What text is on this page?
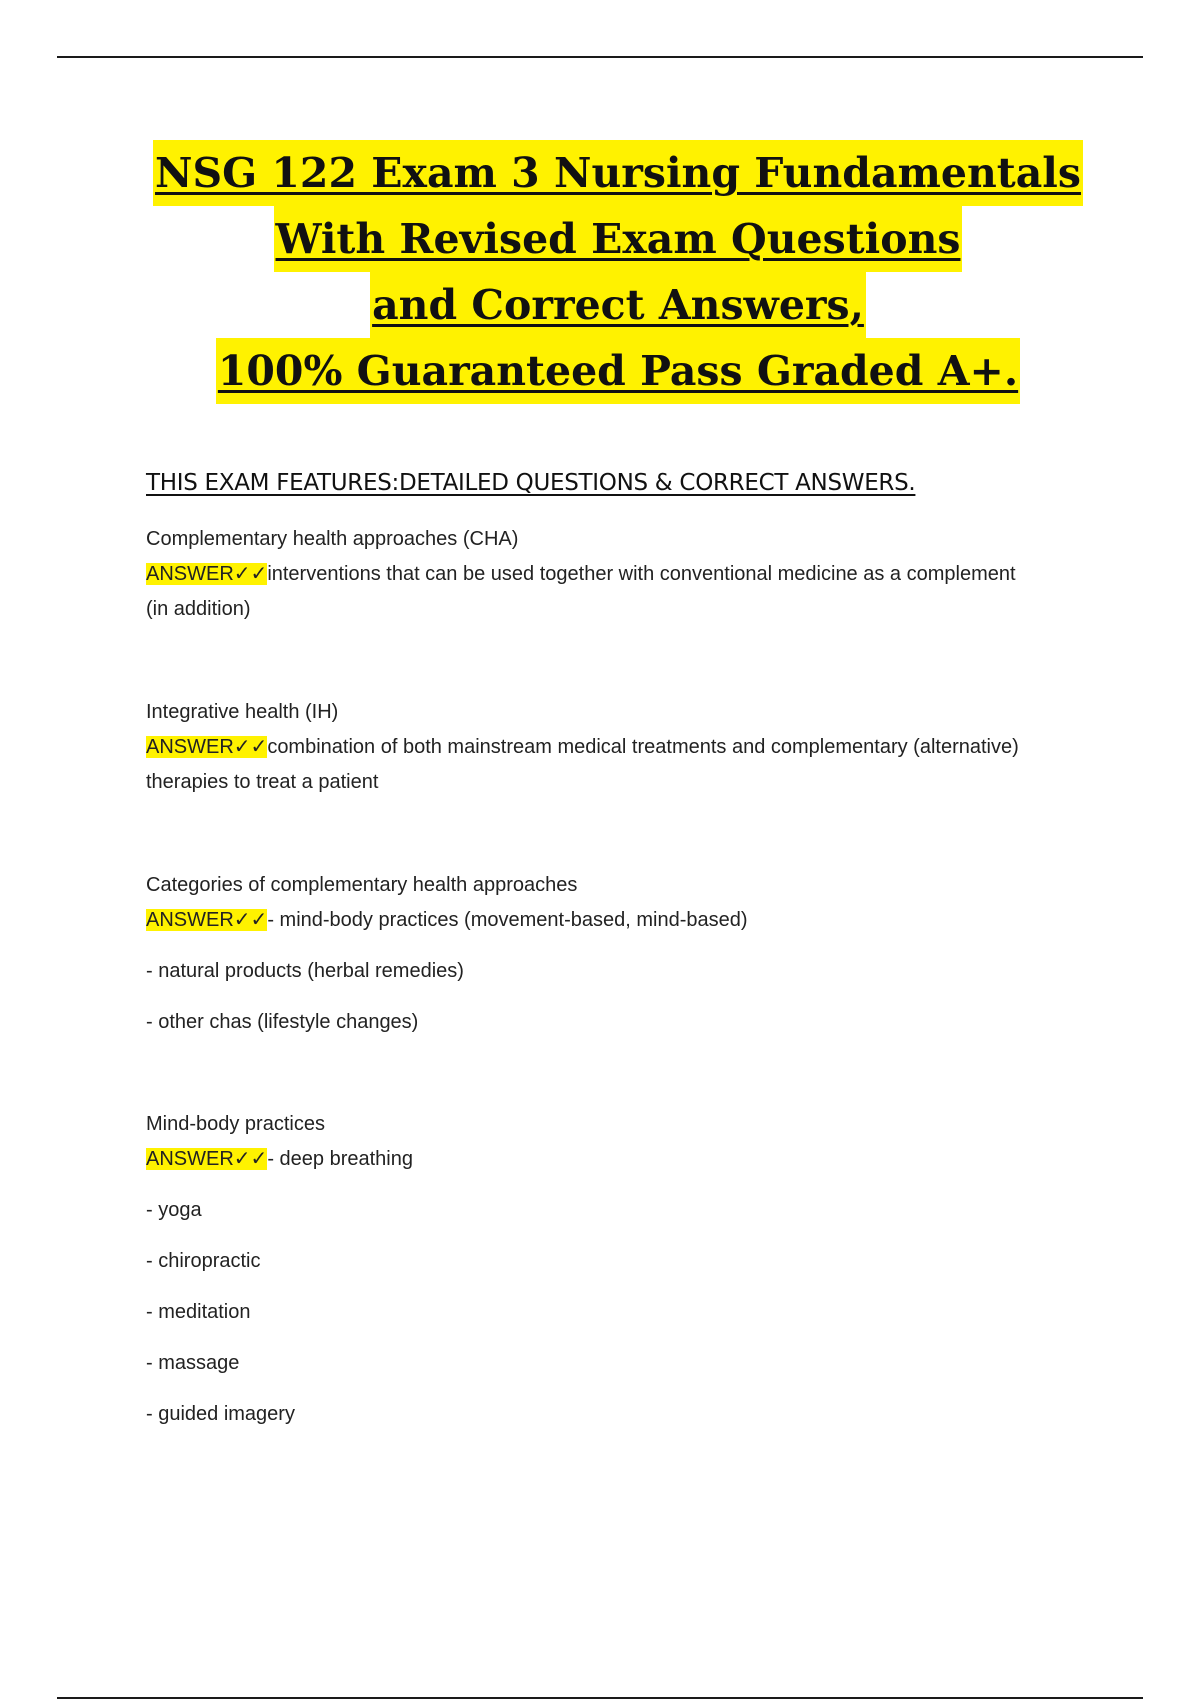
NSG 122 Exam 3 Nursing Fundamentals
With Revised Exam Questions
and Correct Answers,
100% Guaranteed Pass Graded A+.
THIS EXAM FEATURES:DETAILED QUESTIONS & CORRECT ANSWERS.

Complementary health approaches (CHA)

ANSWER✓✓interventions that can be used together with conventional medicine as a complement (in addition)

Integrative health (IH)

ANSWER✓✓combination of both mainstream medical treatments and complementary (alternative) therapies to treat a patient

Categories of complementary health approaches

ANSWER✓✓- mind-body practices (movement-based, mind-based)

- natural products (herbal remedies)

- other chas (lifestyle changes)

Mind-body practices

ANSWER✓✓- deep breathing

- yoga

- chiropractic

- meditation

- massage

- guided imagery
